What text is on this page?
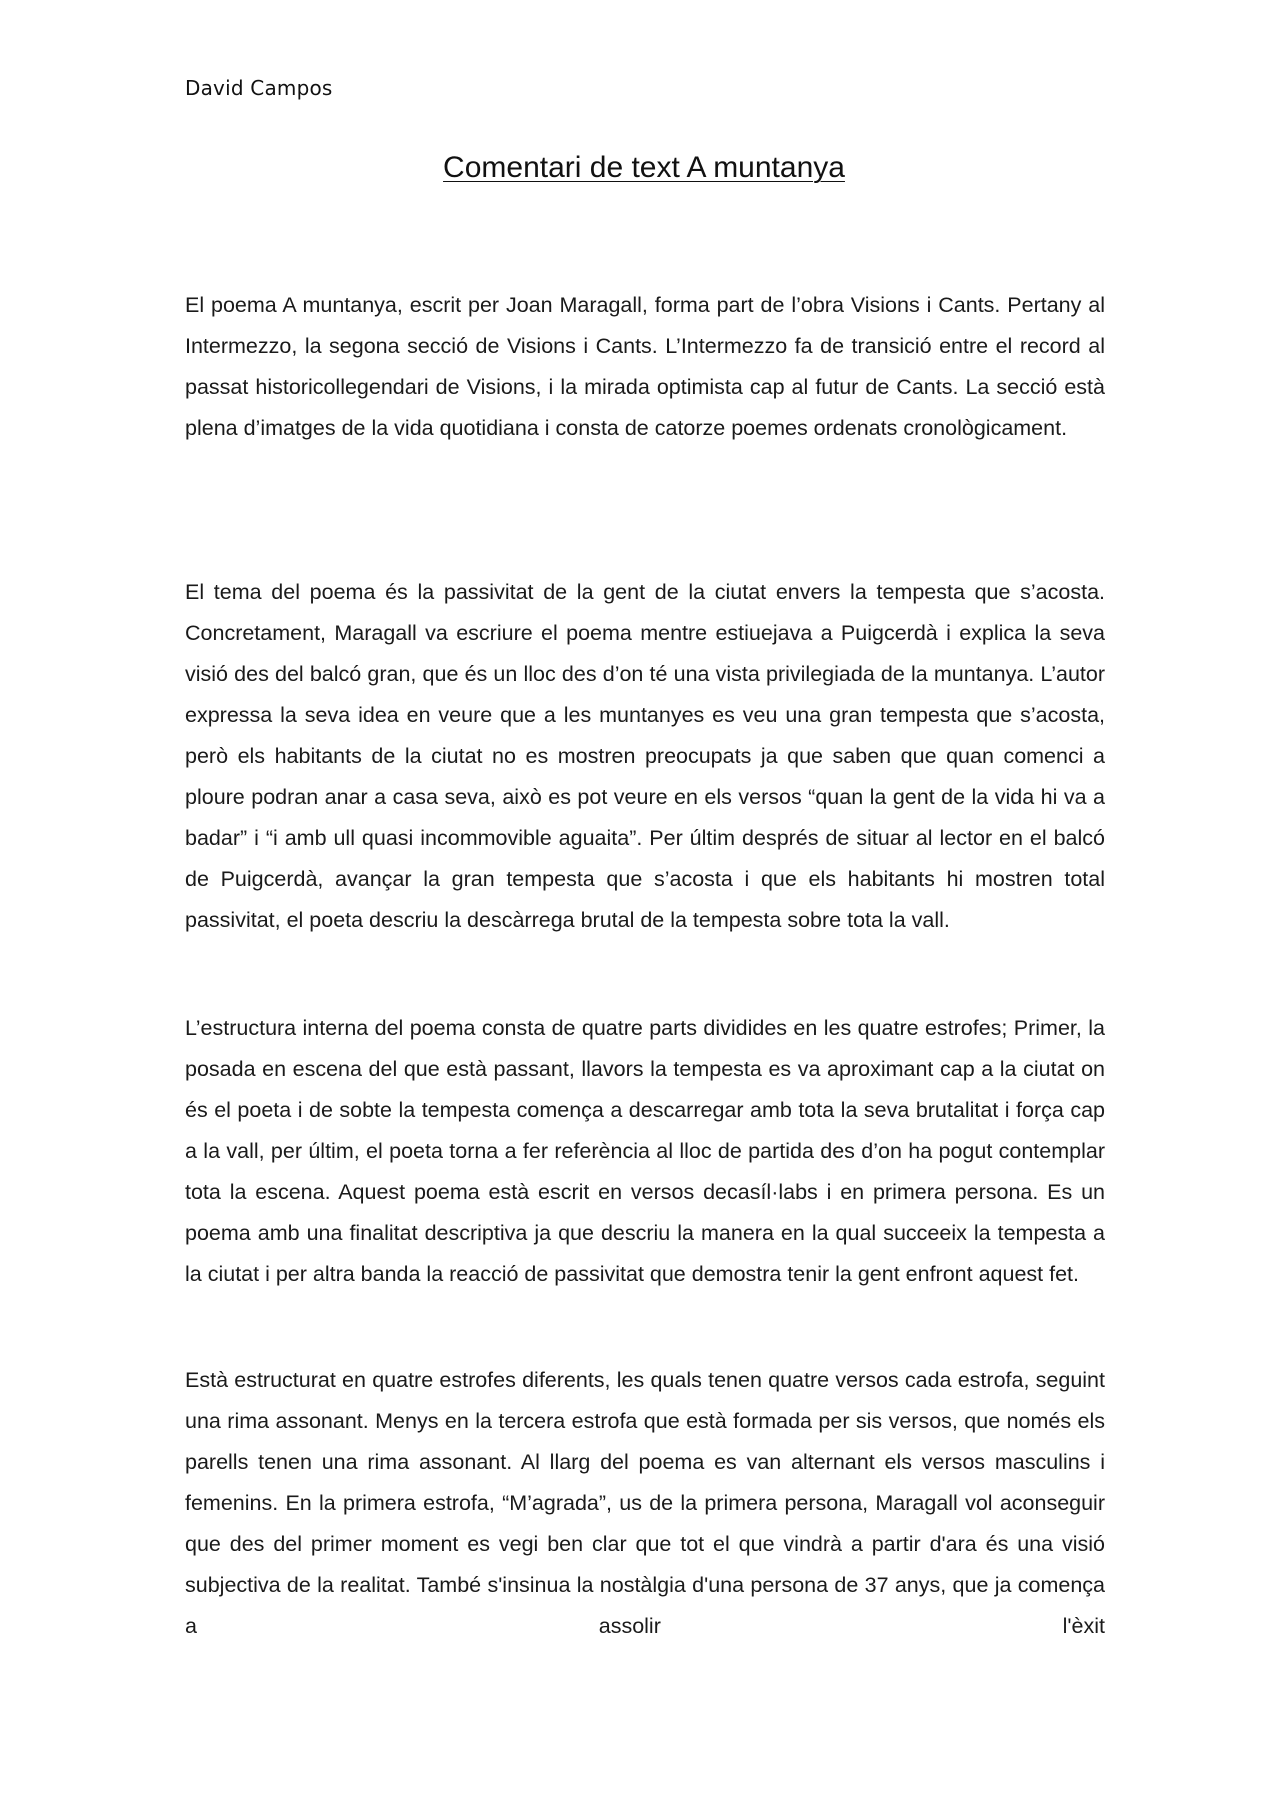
David Campos
Comentari de text A muntanya

El poema A muntanya, escrit per Joan Maragall, forma part de l’obra Visions i Cants. Pertany al Intermezzo, la segona secció de Visions i Cants. L’Intermezzo fa de transició entre el record al passat historicollegendari de Visions, i la mirada optimista cap al futur de Cants. La secció està plena d’imatges de la vida quotidiana i consta de catorze poemes ordenats cronològicament.

El tema del poema és la passivitat de la gent de la ciutat envers la tempesta que s’acosta. Concretament, Maragall va escriure el poema mentre estiuejava a Puigcerdà i explica la seva visió des del balcó gran, que és un lloc des d’on té una vista privilegiada de la muntanya. L’autor expressa la seva idea en veure que a les muntanyes es veu una gran tempesta que s’acosta, però els habitants de la ciutat no es mostren preocupats ja que saben que quan comenci a ploure podran anar a casa seva, això es pot veure en els versos “quan la gent de la vida hi va a badar” i “i amb ull quasi incommovible aguaita”. Per últim després de situar al lector en el balcó de Puigcerdà, avançar la gran tempesta que s’acosta i que els habitants hi mostren total passivitat, el poeta descriu la descàrrega brutal de la tempesta sobre tota la vall.

L’estructura interna del poema consta de quatre parts dividides en les quatre estrofes; Primer, la posada en escena del que està passant, llavors la tempesta es va aproximant cap a la ciutat on és el poeta i de sobte la tempesta comença a descarregar amb tota la seva brutalitat i força cap a la vall, per últim, el poeta torna a fer referència al lloc de partida des d’on ha pogut contemplar tota la escena. Aquest poema està escrit en versos decasíl·labs i en primera persona. Es un poema amb una finalitat descriptiva ja que descriu la manera en la qual succeeix la tempesta a la ciutat i per altra banda la reacció de passivitat que demostra tenir la gent enfront aquest fet.

Està estructurat en quatre estrofes diferents, les quals tenen quatre versos cada estrofa, seguint una rima assonant. Menys en la tercera estrofa que està formada per sis versos, que només els parells tenen una rima assonant. Al llarg del poema es van alternant els versos masculins i femenins. En la primera estrofa, “M’agrada”, us de la primera persona, Maragall vol aconseguir que des del primer moment es vegi ben clar que tot el que vindrà a partir d'ara és una visió subjectiva de la realitat. També s'insinua la nostàlgia d'una persona de 37 anys, que ja comença a assolir l'èxit
